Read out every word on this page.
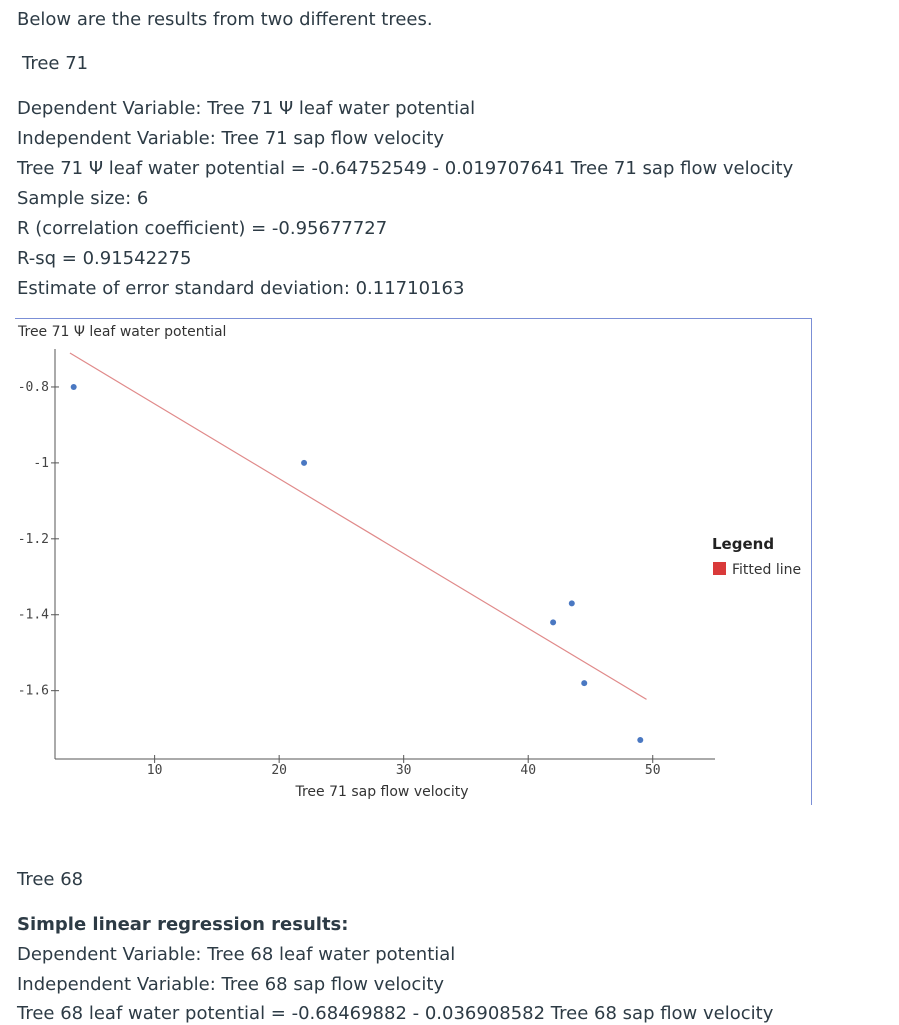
Below are the results from two different trees.
Tree 71
Dependent Variable: Tree 71 Ψ leaf water potential
Independent Variable: Tree 71 sap flow velocity
Tree 71 Ψ leaf water potential = -0.64752549 - 0.019707641 Tree 71 sap flow velocity
Sample size: 6
R (correlation coefficient) = -0.95677727
R-sq = 0.91542275
Estimate of error standard deviation: 0.11710163
Tree 71 Ψ leaf water potential
-0.8
-1
-1.2
-1.4
-1.6
10	20	30	40	50
Tree 71 sap flow velocity
Legend
Fitted line
Tree 68
Simple linear regression results:
Dependent Variable: Tree 68 leaf water potential
Independent Variable: Tree 68 sap flow velocity
Tree 68 leaf water potential = -0.68469882 - 0.036908582 Tree 68 sap flow velocity
